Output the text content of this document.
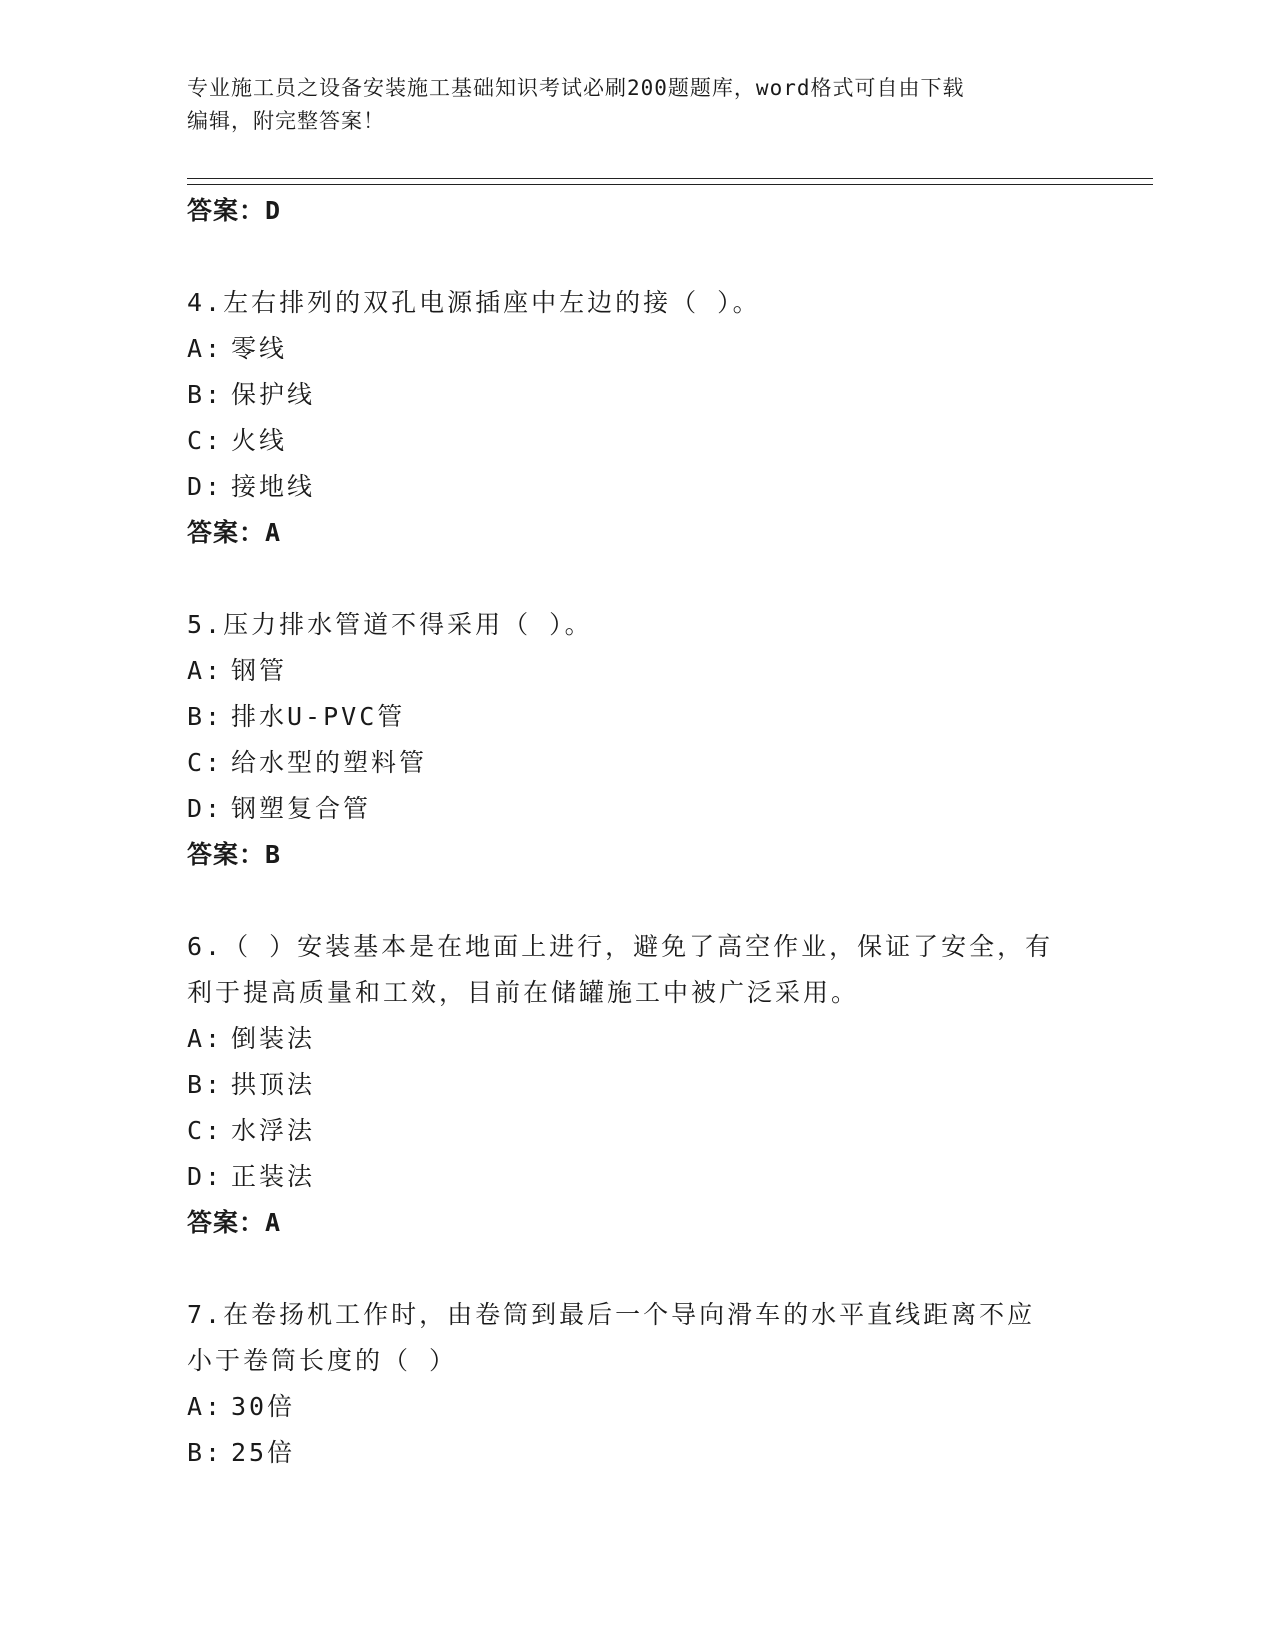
专业施工员之设备安装施工基础知识考试必刷200题题库，word格式可自由下载
编辑，附完整答案！
答案：D
4.左右排列的双孔电源插座中左边的接（ ）。
A: 零线
B: 保护线
C: 火线
D: 接地线
答案：A
5.压力排水管道不得采用（ ）。
A: 钢管
B: 排水U-PVC管
C: 给水型的塑料管
D: 钢塑复合管
答案：B
6.（ ）安装基本是在地面上进行，避免了高空作业，保证了安全，有
利于提高质量和工效，目前在储罐施工中被广泛采用。
A: 倒装法
B: 拱顶法
C: 水浮法
D: 正装法
答案：A
7.在卷扬机工作时，由卷筒到最后一个导向滑车的水平直线距离不应
小于卷筒长度的（ ）
A: 30倍
B: 25倍
